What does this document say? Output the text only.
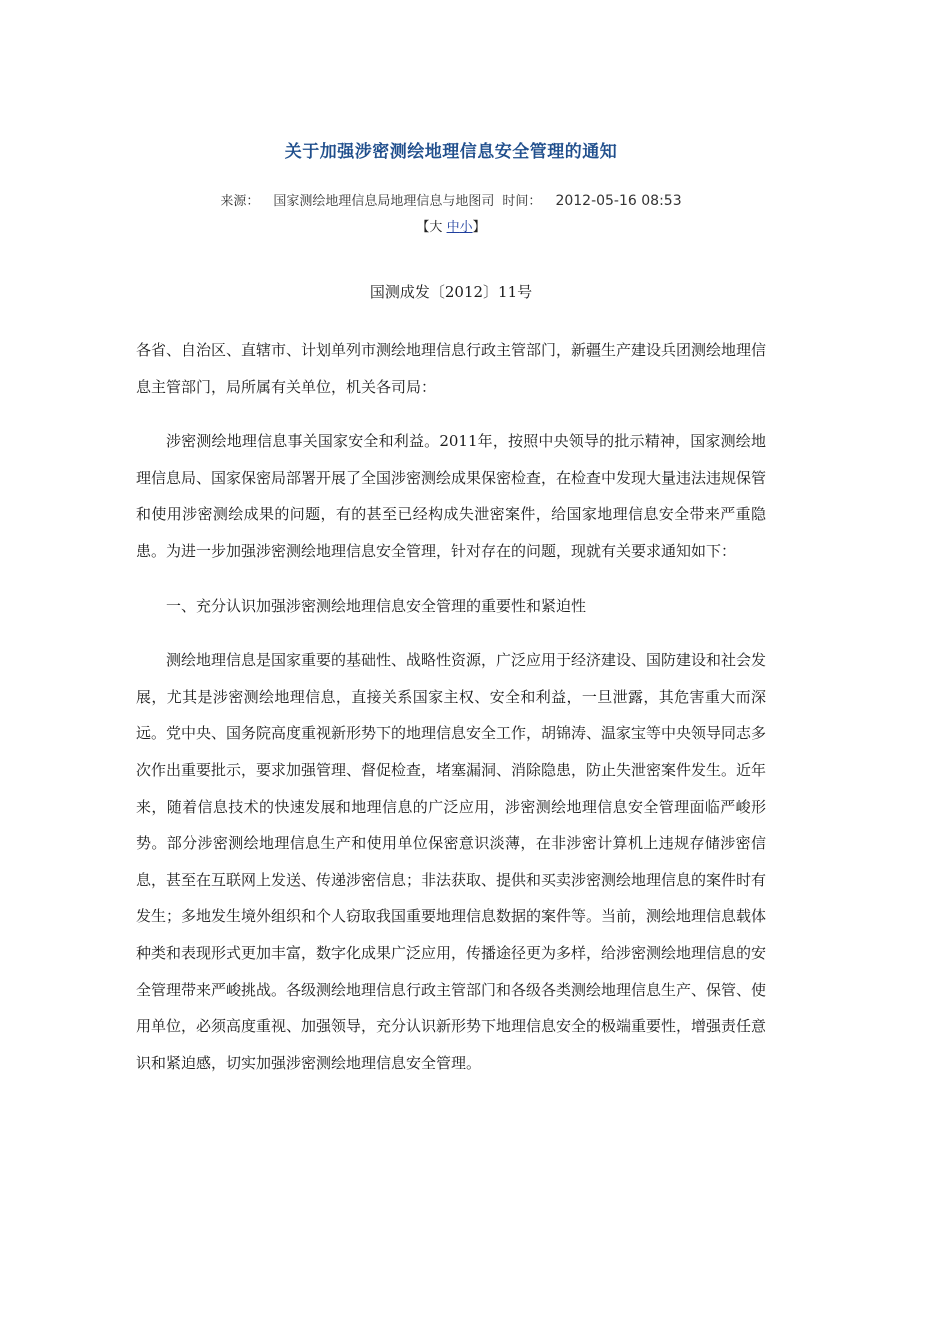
关于加强涉密测绘地理信息安全管理的通知
来源： 国家测绘地理信息局地理信息与地图司 时间： 2012-05-16 08:53
【大 中小】
国测成发〔2012〕11号

各省、自治区、直辖市、计划单列市测绘地理信息行政主管部门，新疆生产建设兵团测绘地理信息主管部门，局所属有关单位，机关各司局：

涉密测绘地理信息事关国家安全和利益。2011年，按照中央领导的批示精神，国家测绘地理信息局、国家保密局部署开展了全国涉密测绘成果保密检查，在检查中发现大量违法违规保管和使用涉密测绘成果的问题，有的甚至已经构成失泄密案件，给国家地理信息安全带来严重隐患。为进一步加强涉密测绘地理信息安全管理，针对存在的问题，现就有关要求通知如下：

一、充分认识加强涉密测绘地理信息安全管理的重要性和紧迫性

测绘地理信息是国家重要的基础性、战略性资源，广泛应用于经济建设、国防建设和社会发展，尤其是涉密测绘地理信息，直接关系国家主权、安全和利益，一旦泄露，其危害重大而深远。党中央、国务院高度重视新形势下的地理信息安全工作，胡锦涛、温家宝等中央领导同志多次作出重要批示，要求加强管理、督促检查，堵塞漏洞、消除隐患，防止失泄密案件发生。近年来，随着信息技术的快速发展和地理信息的广泛应用，涉密测绘地理信息安全管理面临严峻形势。部分涉密测绘地理信息生产和使用单位保密意识淡薄，在非涉密计算机上违规存储涉密信息，甚至在互联网上发送、传递涉密信息；非法获取、提供和买卖涉密测绘地理信息的案件时有发生；多地发生境外组织和个人窃取我国重要地理信息数据的案件等。当前，测绘地理信息载体种类和表现形式更加丰富，数字化成果广泛应用，传播途径更为多样，给涉密测绘地理信息的安全管理带来严峻挑战。各级测绘地理信息行政主管部门和各级各类测绘地理信息生产、保管、使用单位，必须高度重视、加强领导，充分认识新形势下地理信息安全的极端重要性，增强责任意识和紧迫感，切实加强涉密测绘地理信息安全管理。
